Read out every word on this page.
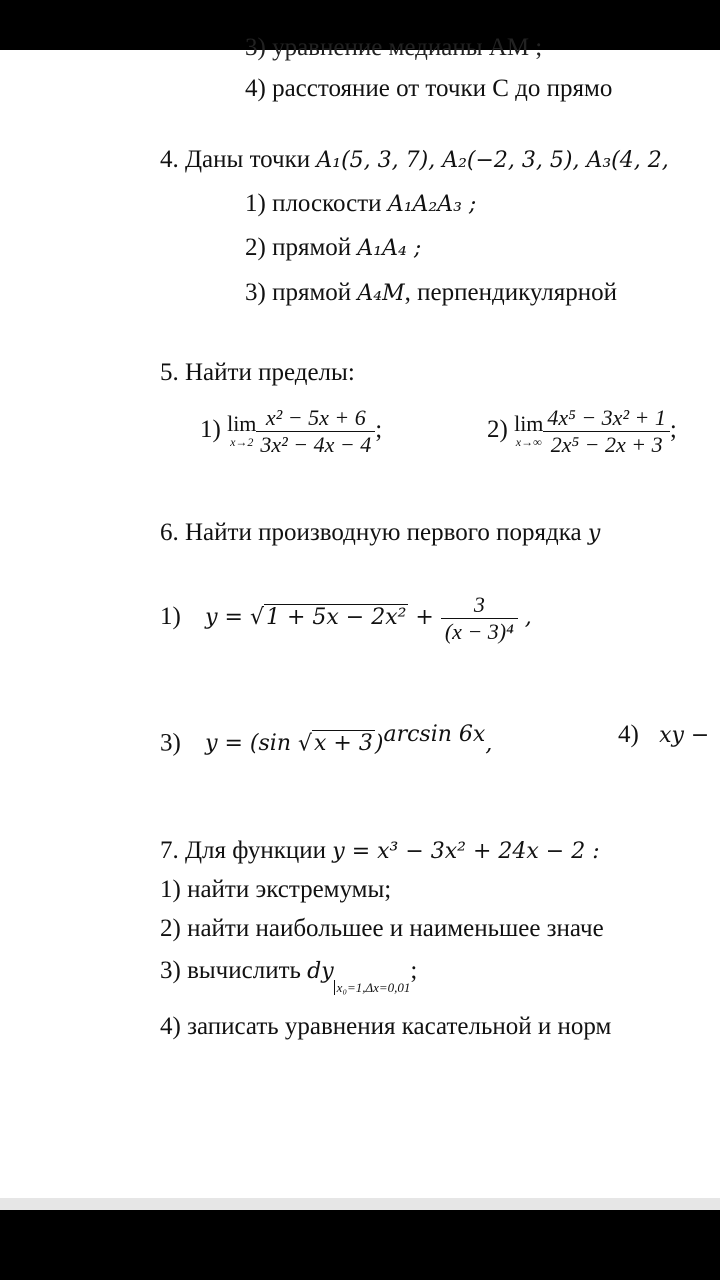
3) уравнение медианы AM ;
4) расстояние от точки C до прямо
4. Даны точки A₁(5, 3, 7), A₂(−2, 3, 5), A₃(4, 2,
1) плоскости A₁A₂A₃ ;
2) прямой A₁A₄ ;
3) прямой A₄M, перпендикулярной
5. Найти пределы:
1) lim
$x\to 2 \frac{\text{x² − 5x + 6}}{\text{3x² − 4x − 4}}$ ;	2) lim
$x\to\infty \frac{\text{4x⁵ − 3x² + 1}}{\text{2x⁵ − 2x + 3}}$ ;
6. Найти производную первого порядка y
1) $y = √1 + 5x - 2x^2 + \frac{3}{\text{(x − 3)⁴}}$ ,
3) y = (sin √x + 3)$^{arcsin 6x}$,	4) xy −
7. Для функции y = x³ − 3x² + 24x − 2 :
1) найти экстремумы;
2) найти наибольшее и наименьшее значе
3) вычислить $dy_{x_0=1,\Delta x=0,01}$;
4) записать уравнения касательной и норм
